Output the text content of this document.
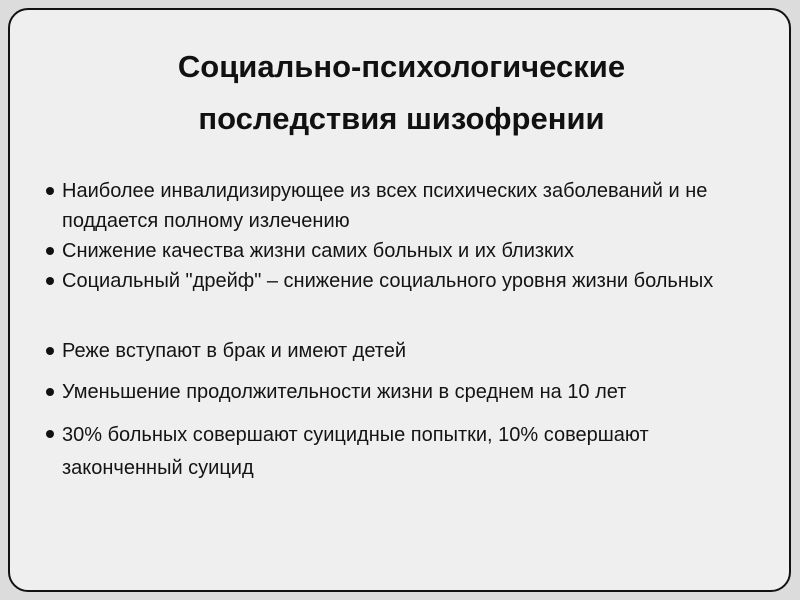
Социально-психологические
последствия шизофрении
Наиболее инвалидизирующее из всех психических заболеваний и не поддается полному излечению
Снижение качества жизни самих больных и их близких
Социальный "дрейф" – снижение социального уровня жизни больных
Реже вступают в брак и имеют детей
Уменьшение продолжительности жизни в среднем на 10 лет
30% больных совершают суицидные попытки, 10% совершают законченный суицид
